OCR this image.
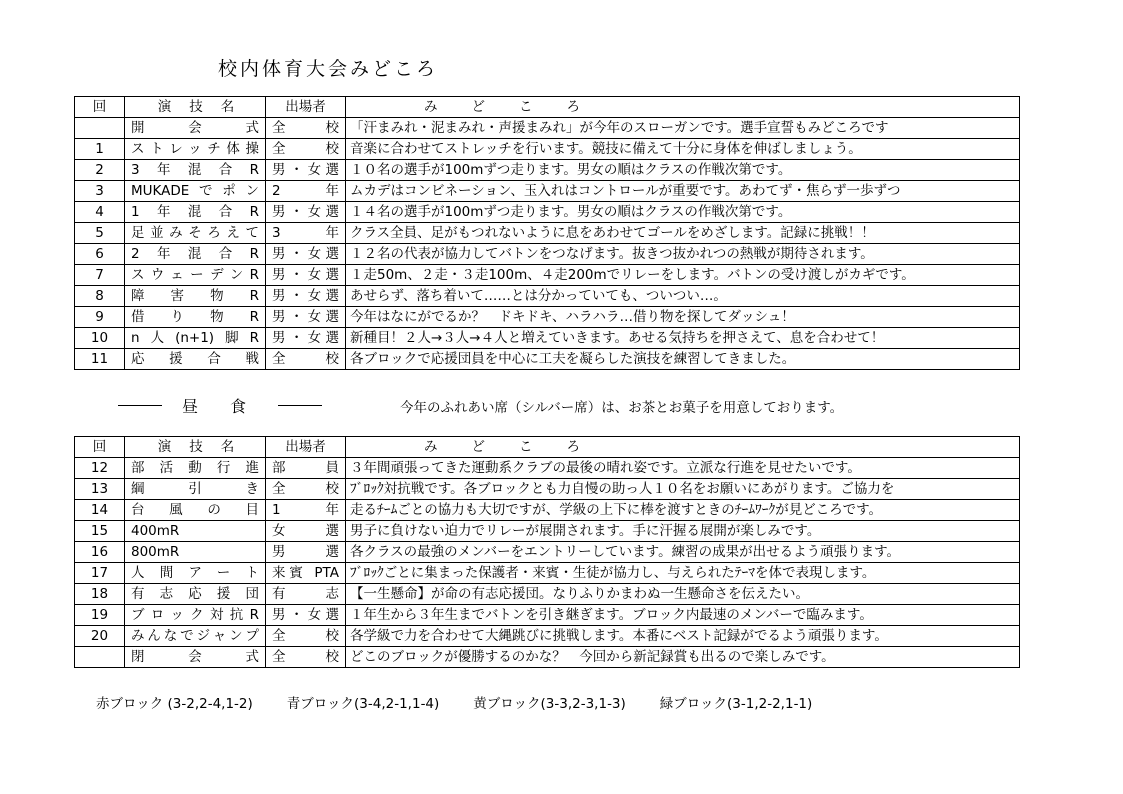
校内体育大会みどころ
回	演技名	出場者	みどころ
	開会式	全校	「汗まみれ・泥まみれ・声援まみれ」が今年のスローガンです。選手宣誓もみどころです
1	ストレッチ体操	全校	音楽に合わせてストレッチを行います。競技に備えて十分に身体を伸ばしましょう。
2	3年混合R	男・女選	１０名の選手が100mずつ走ります。男女の順はクラスの作戦次第です。
3	MUKADEでポン	2年	ムカデはコンビネーション、玉入れはコントロールが重要です。あわてず・焦らず一歩ずつ
4	1年混合R	男・女選	１４名の選手が100mずつ走ります。男女の順はクラスの作戦次第です。
5	足並みそろえて	3年	クラス全員、足がもつれないように息をあわせてゴールをめざします。記録に挑戦！！
6	2年混合R	男・女選	１２名の代表が協力してバトンをつなげます。抜きつ抜かれつの熱戦が期待されます。
7	スウェーデンR	男・女選	１走50m、２走・３走100m、４走200mでリレーをします。バトンの受け渡しがカギです。
8	障害物R	男・女選	あせらず、落ち着いて……とは分かっていても、ついつい…。
9	借り物R	男・女選	今年はなにがでるか？　ドキドキ、ハラハラ…借り物を探してダッシュ！
10	n人(n+1)脚R	男・女選	新種目！２人→３人→４人と増えていきます。あせる気持ちを押さえて、息を合わせて！
11	応援合戦	全校	各ブロックで応援団員を中心に工夫を凝らした演技を練習してきました。
昼食	今年のふれあい席（シルバー席）は、お茶とお菓子を用意しております。
回	演技名	出場者	みどころ
12	部活動行進	部員	３年間頑張ってきた運動系クラブの最後の晴れ姿です。立派な行進を見せたいです。
13	綱引き	全校	ﾌﾞﾛｯｸ対抗戦です。各ブロックとも力自慢の助っ人１０名をお願いにあがります。ご協力を
14	台風の目	1年	走るﾁｰﾑごとの協力も大切ですが、学級の上下に棒を渡すときのﾁｰﾑﾜｰｸが見どころです。
15	400mR	女選	男子に負けない迫力でリレーが展開されます。手に汗握る展開が楽しみです。
16	800mR	男選	各クラスの最強のメンバーをエントリーしています。練習の成果が出せるよう頑張ります。
17	人間アート	来賓 PTA	ﾌﾞﾛｯｸごとに集まった保護者・来賓・生徒が協力し、与えられたﾃｰﾏを体で表現します。
18	有志応援団	有志	【一生懸命】が命の有志応援団。なりふりかまわぬ一生懸命さを伝えたい。
19	ブロック対抗R	男・女選	１年生から３年生までバトンを引き継ぎます。ブロック内最速のメンバーで臨みます。
20	みんなでジャンプ	全校	各学級で力を合わせて大縄跳びに挑戦します。本番にベスト記録がでるよう頑張ります。
	閉会式	全校	どこのブロックが優勝するのかな？　今回から新記録賞も出るので楽しみです。
赤ブロック (3-2,2-4,1-2)	青ブロック(3-4,2-1,1-4)	黄ブロック(3-3,2-3,1-3)	緑ブロック(3-1,2-2,1-1)
